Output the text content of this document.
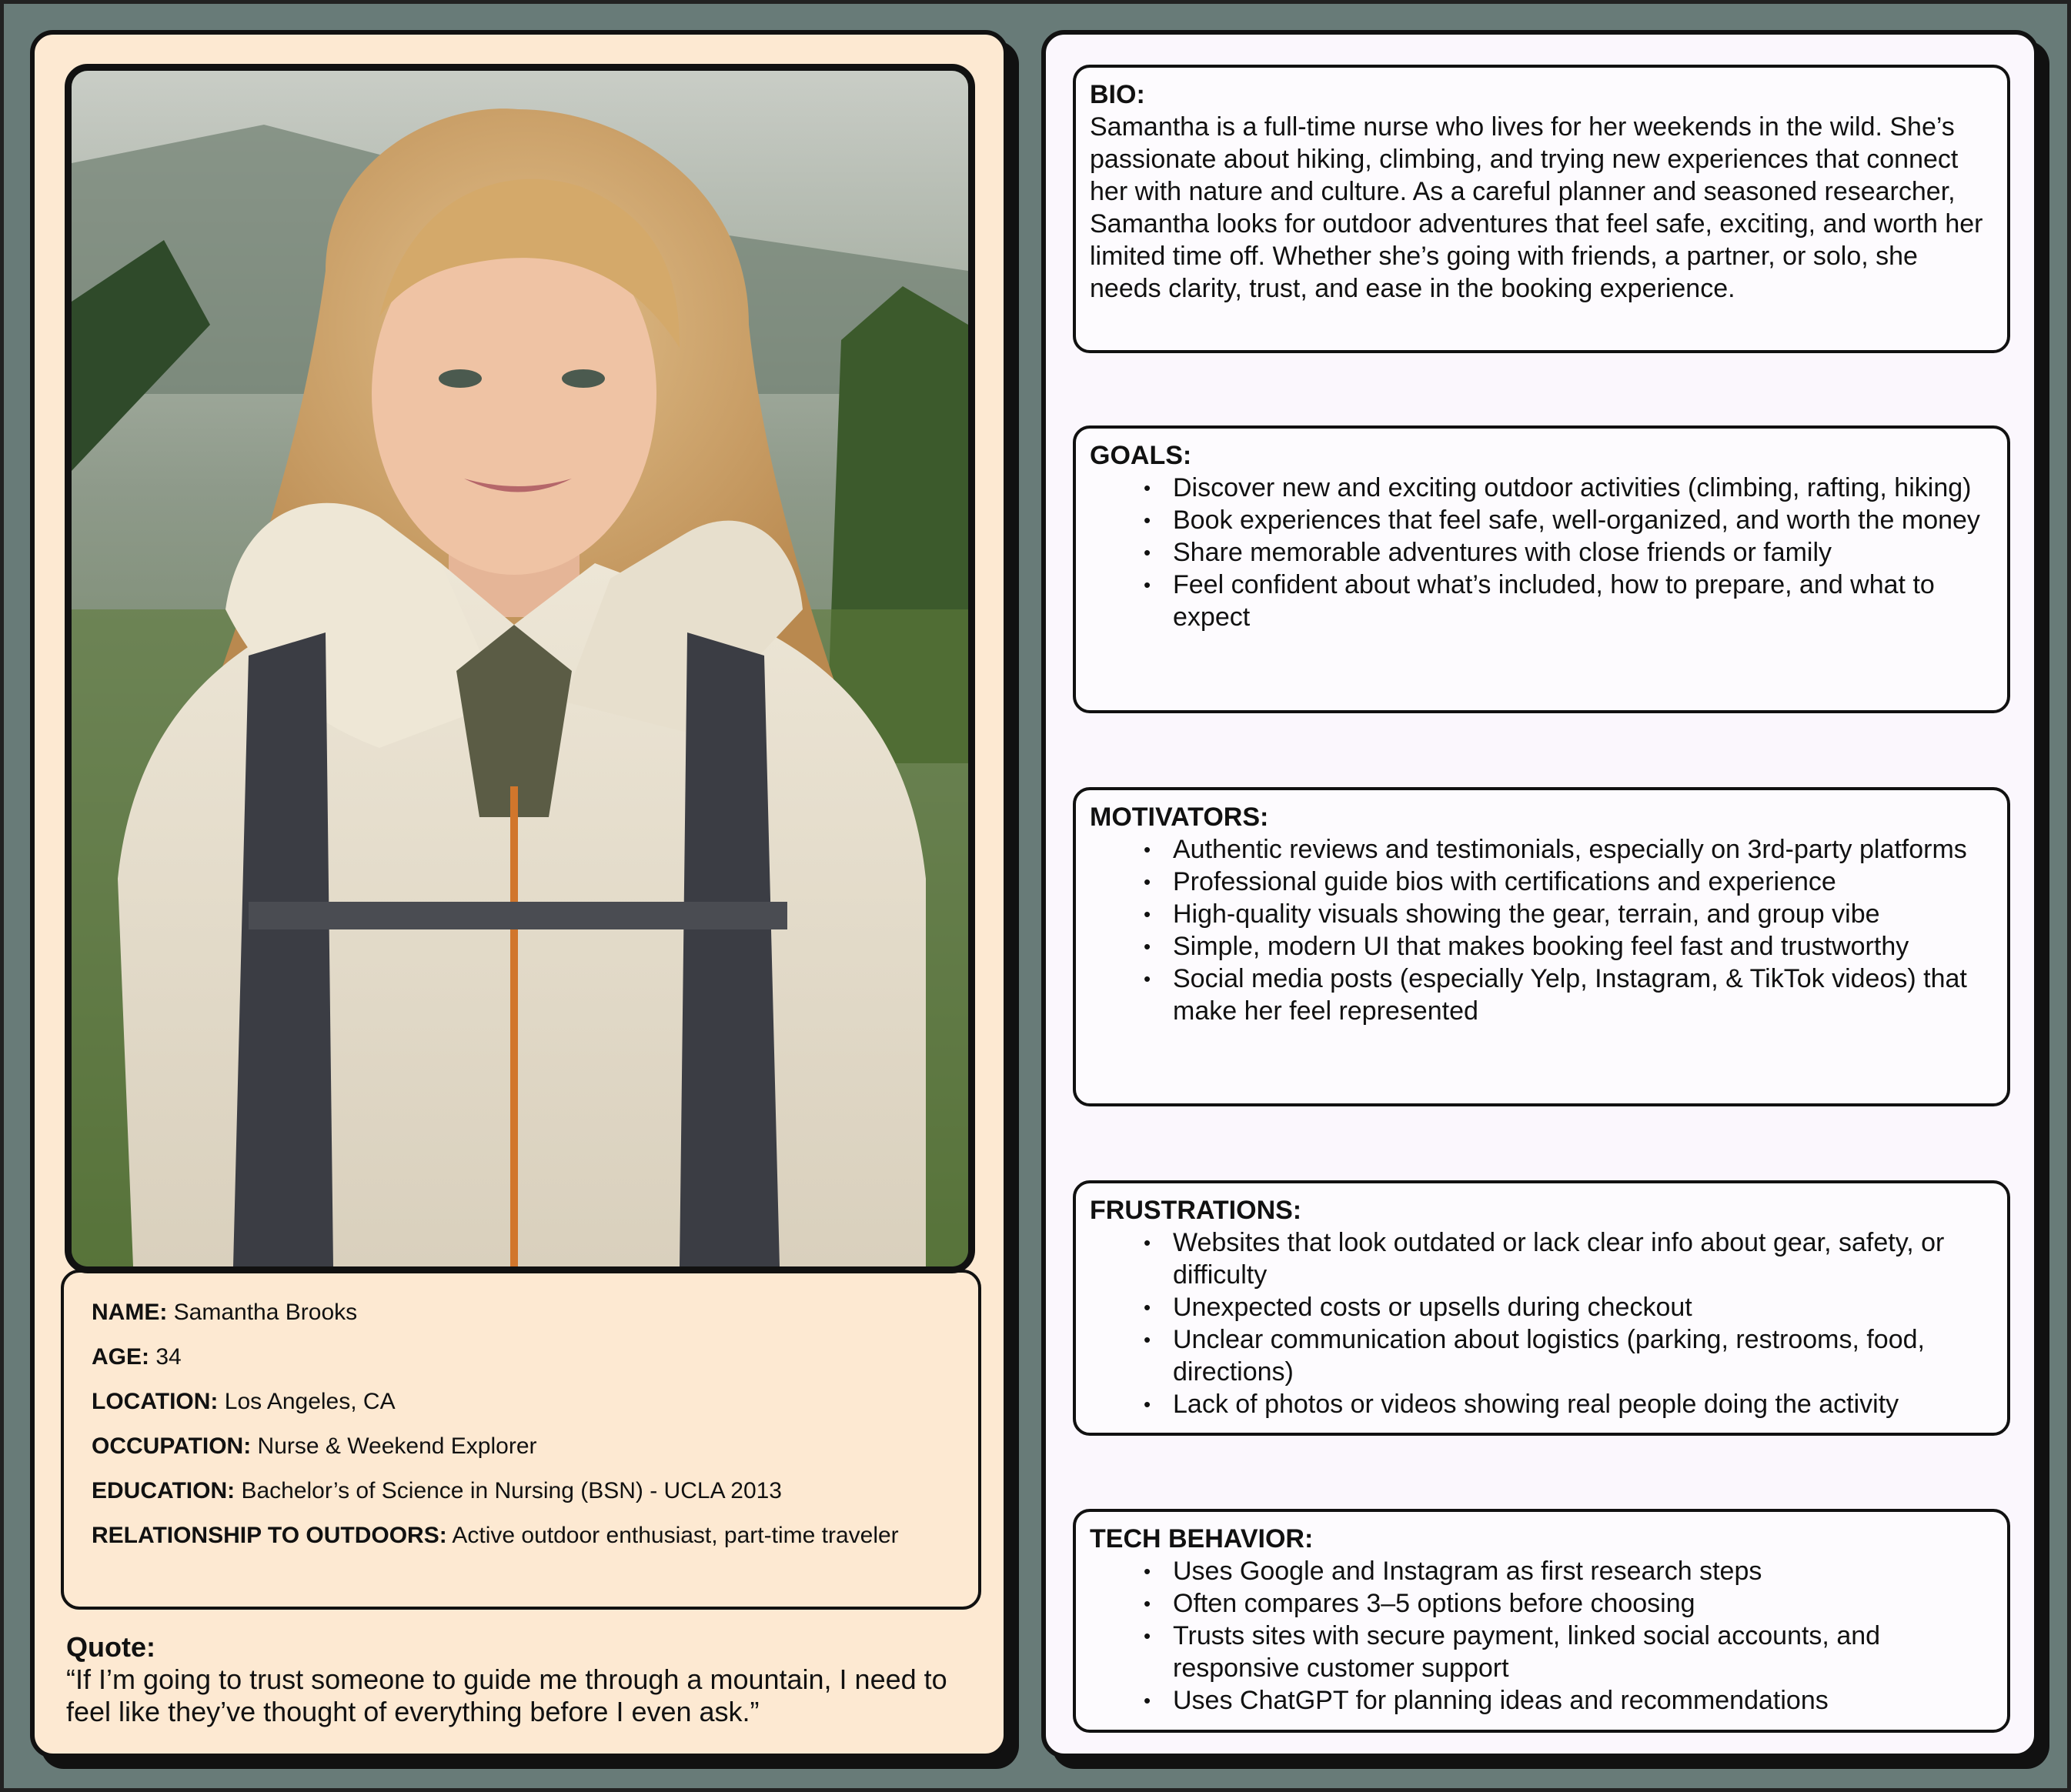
NAME: Samantha Brooks
AGE: 34
LOCATION: Los Angeles, CA
OCCUPATION: Nurse & Weekend Explorer
EDUCATION: Bachelor’s of Science in Nursing (BSN) - UCLA 2013
RELATIONSHIP TO OUTDOORS: Active outdoor enthusiast, part-time traveler
Quote:
“If I’m going to trust someone to guide me through a mountain, I need to feel like they’ve thought of everything before I even ask.”
BIO:
Samantha is a full-time nurse who lives for her weekends in the wild. She’s passionate about hiking, climbing, and trying new experiences that connect her with nature and culture. As a careful planner and seasoned researcher, Samantha looks for outdoor adventures that feel safe, exciting, and worth her limited time off. Whether she’s going with friends, a partner, or solo, she needs clarity, trust, and ease in the booking experience.
GOALS:
• Discover new and exciting outdoor activities (climbing, rafting, hiking)
• Book experiences that feel safe, well-organized, and worth the money
• Share memorable adventures with close friends or family
• Feel confident about what’s included, how to prepare, and what to expect
MOTIVATORS:
• Authentic reviews and testimonials, especially on 3rd-party platforms
• Professional guide bios with certifications and experience
• High-quality visuals showing the gear, terrain, and group vibe
• Simple, modern UI that makes booking feel fast and trustworthy
• Social media posts (especially Yelp, Instagram, & TikTok videos) that make her feel represented
FRUSTRATIONS:
• Websites that look outdated or lack clear info about gear, safety, or difficulty
• Unexpected costs or upsells during checkout
• Unclear communication about logistics (parking, restrooms, food, directions)
• Lack of photos or videos showing real people doing the activity
TECH BEHAVIOR:
• Uses Google and Instagram as first research steps
• Often compares 3–5 options before choosing
• Trusts sites with secure payment, linked social accounts, and responsive customer support
• Uses ChatGPT for planning ideas and recommendations
